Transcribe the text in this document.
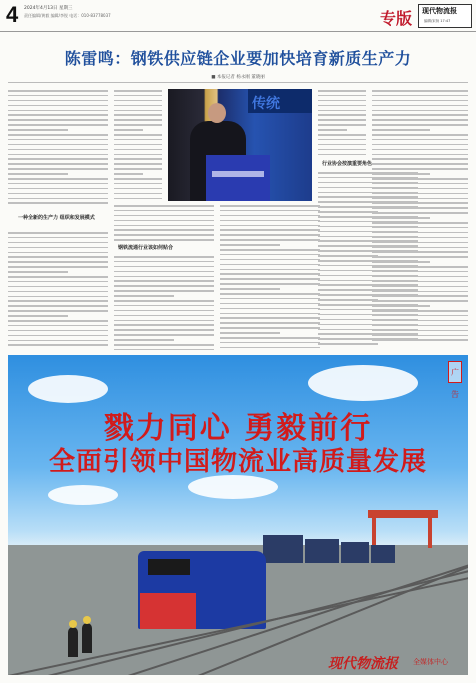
4 2024年4月13日 星期三
责任编辑/黄毅 编辑/李锐 电话：010-83778037	专版 现代物流报
编辑/宋扬 17:47
陈雷鸣：钢铁供应链企业要加快培育新质生产力
■ 本报记者 杨永刚 董晓丽
一种全新的生产力 组织和发展模式
钢铁流通行业该如何贴合
传统
行业协会按演重要角色
广告
戮力同心 勇毅前行
全面引领中国物流业高质量发展
现代物流报 全媒体中心
